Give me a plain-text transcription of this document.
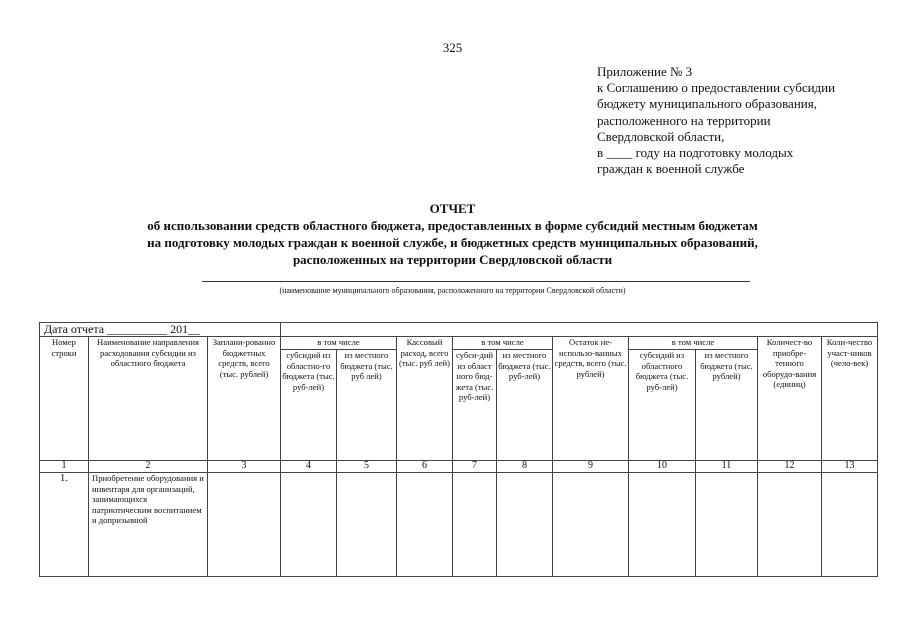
325
Приложение № 3
к Соглашению о предоставлении субсидии
бюджету муниципального образования,
расположенного на территории
Свердловской области,
в ____ году на подготовку молодых
граждан к военной службе
ОТЧЕТ
об использовании средств областного бюджета, предоставленных в форме субсидий местным бюджетам
на подготовку молодых граждан к военной службе, и бюджетных средств муниципальных образований,
расположенных на территории Свердловской области
(наименование муниципального образования, расположенного на территории Свердловской области)
Дата отчета __________ 201__												
Номер строки	Наименование направления расходования субсидии из областного бюджета	Заплани-рованно бюджетных средств, всего (тыс. рублей)	в том числе		Кассовый расход, всего (тыс. руб лей)	в том числе		Остаток не-использо-ванных средств, всего (тыс. рублей)	в том числе		Количест-во приобре-тенного оборудо-вания (единиц)	Коли-чество участ-ников (чело-век)
			субсидий из областно-го бюджета (тыс. руб-лей)	из местного бюджета (тыс. руб лей)		субси-дий из област ного бюд-жета (тыс. руб-лей)	из местного бюджета (тыс. руб-лей)		субсидий из областного бюджета (тыс. руб-лей)	из местного бюджета (тыс. рублей)		
1	2	3	4	5	6	7	8	9	10	11	12	13
1.	Приобретение оборудования и инвентаря для организаций, занимающихся патриотическим воспитанием и допризывной											
